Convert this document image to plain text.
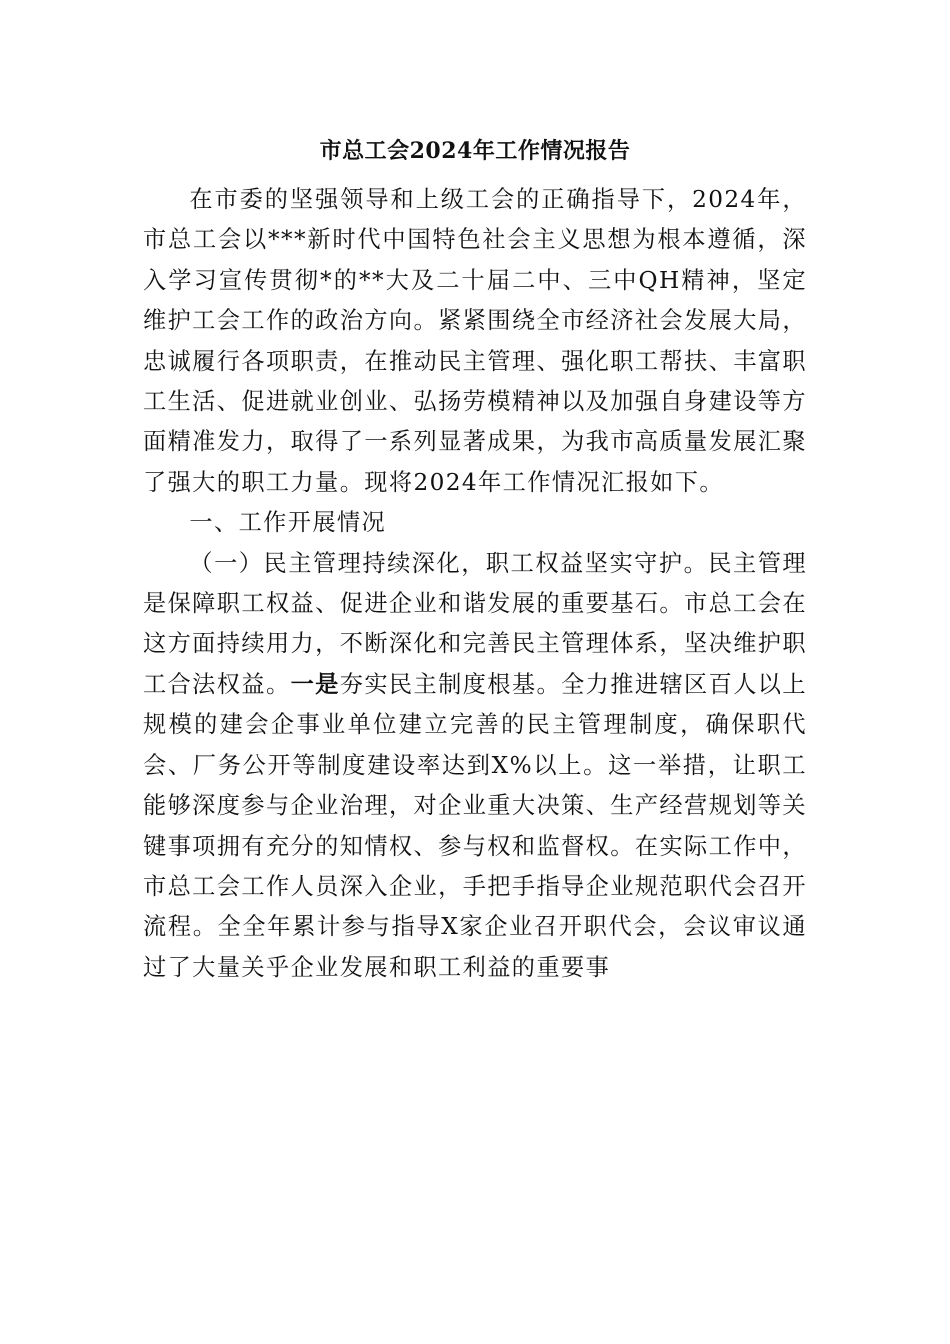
市总工会2024年工作情况报告

在市委的坚强领导和上级工会的正确指导下，2024年，市总工会以***新时代中国特色社会主义思想为根本遵循，深入学习宣传贯彻*的**大及二十届二中、三中QH精神，坚定维护工会工作的政治方向。紧紧围绕全市经济社会发展大局，忠诚履行各项职责，在推动民主管理、强化职工帮扶、丰富职工生活、促进就业创业、弘扬劳模精神以及加强自身建设等方面精准发力，取得了一系列显著成果，为我市高质量发展汇聚了强大的职工力量。现将2024年工作情况汇报如下。

一、工作开展情况

（一）民主管理持续深化，职工权益坚实守护。民主管理是保障职工权益、促进企业和谐发展的重要基石。市总工会在这方面持续用力，不断深化和完善民主管理体系，坚决维护职工合法权益。一是夯实民主制度根基。全力推进辖区百人以上规模的建会企事业单位建立完善的民主管理制度，确保职代会、厂务公开等制度建设率达到X%以上。这一举措，让职工能够深度参与企业治理，对企业重大决策、生产经营规划等关键事项拥有充分的知情权、参与权和监督权。在实际工作中，市总工会工作人员深入企业，手把手指导企业规范职代会召开流程。全全年累计参与指导X家企业召开职代会，会议审议通过了大量关乎企业发展和职工利益的重要事
